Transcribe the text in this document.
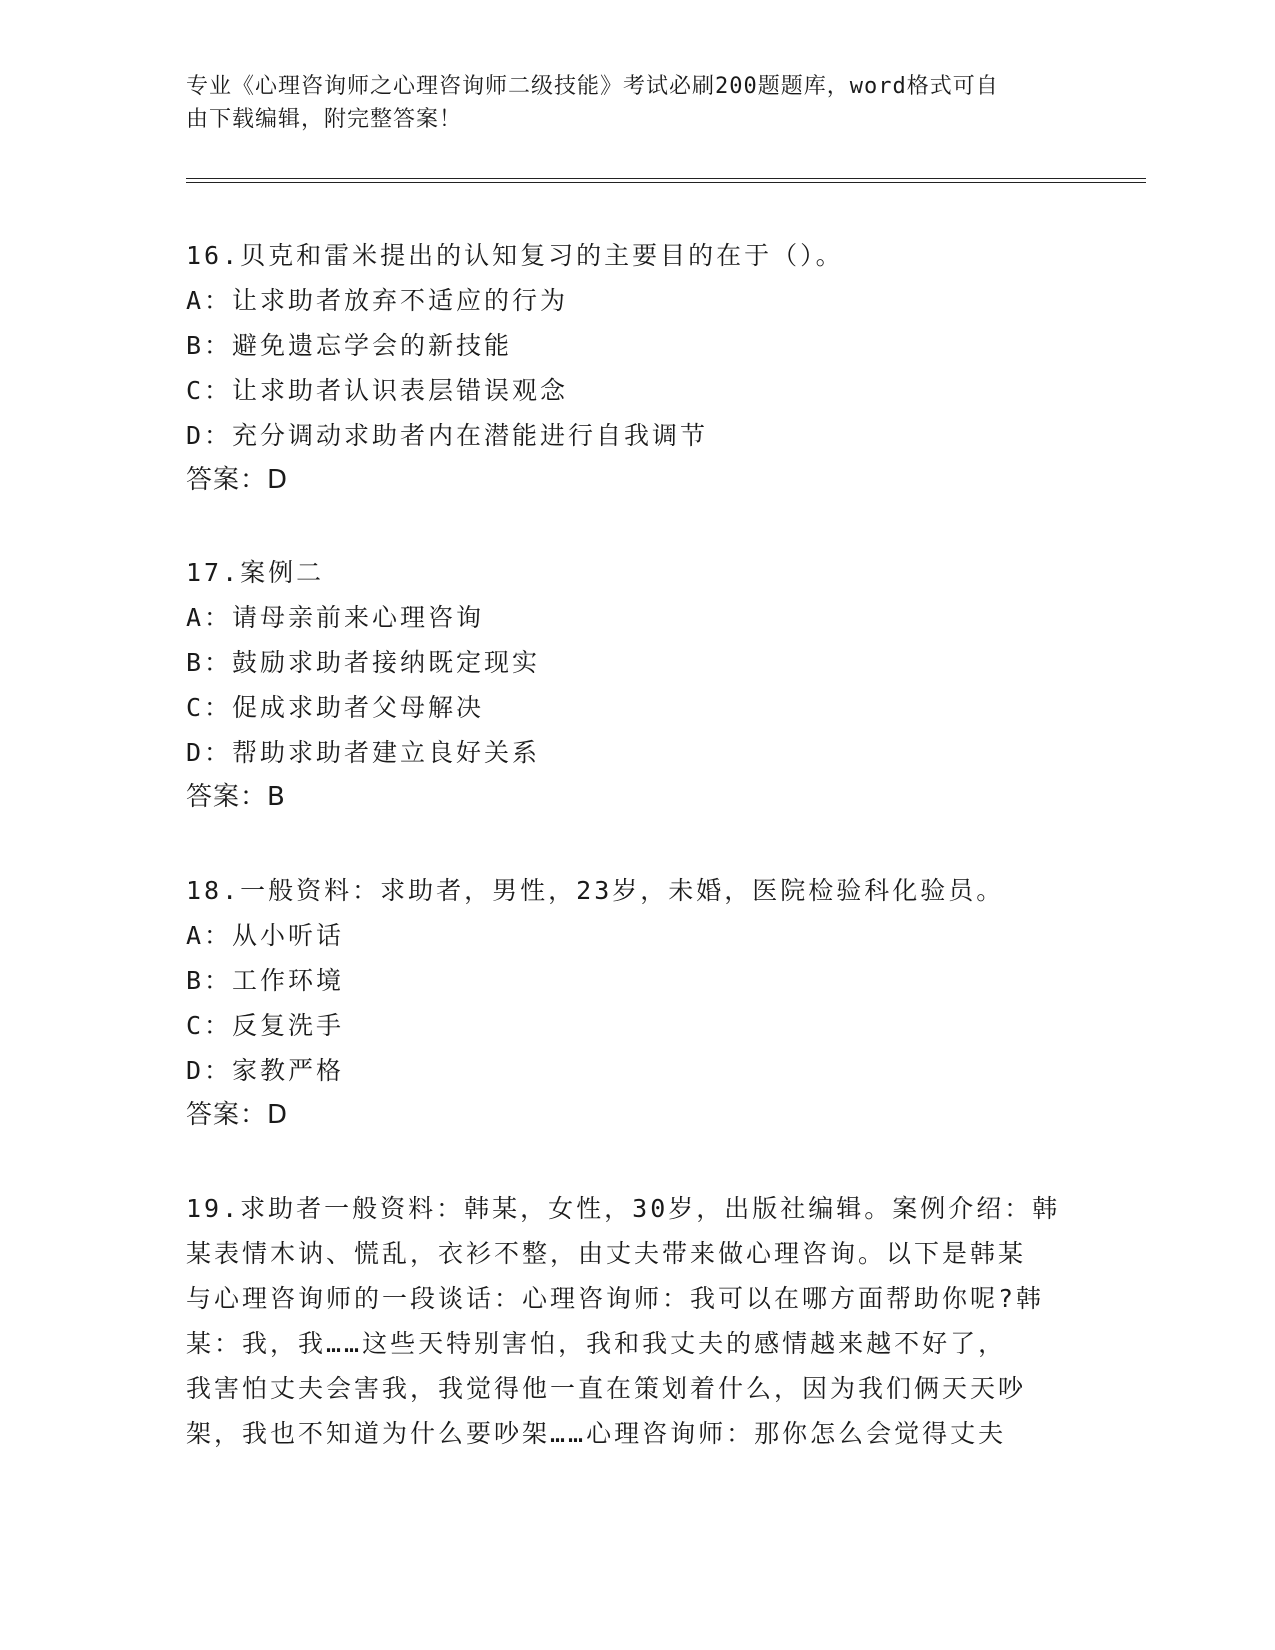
专业《心理咨询师之心理咨询师二级技能》考试必刷200题题库，word格式可自
由下载编辑，附完整答案！
16.贝克和雷米提出的认知复习的主要目的在于（）。
A：让求助者放弃不适应的行为
B：避免遗忘学会的新技能
C：让求助者认识表层错误观念
D：充分调动求助者内在潜能进行自我调节
答案：D
17.案例二
A：请母亲前来心理咨询
B：鼓励求助者接纳既定现实
C：促成求助者父母解决
D：帮助求助者建立良好关系
答案：B
18.一般资料：求助者，男性，23岁，未婚，医院检验科化验员。
A：从小听话
B：工作环境
C：反复洗手
D：家教严格
答案：D
19.求助者一般资料：韩某，女性，30岁，出版社编辑。案例介绍：韩
某表情木讷、慌乱，衣衫不整，由丈夫带来做心理咨询。以下是韩某
与心理咨询师的一段谈话：心理咨询师：我可以在哪方面帮助你呢?韩
某：我，我……这些天特别害怕，我和我丈夫的感情越来越不好了，
我害怕丈夫会害我，我觉得他一直在策划着什么，因为我们俩天天吵
架，我也不知道为什么要吵架……心理咨询师：那你怎么会觉得丈夫
